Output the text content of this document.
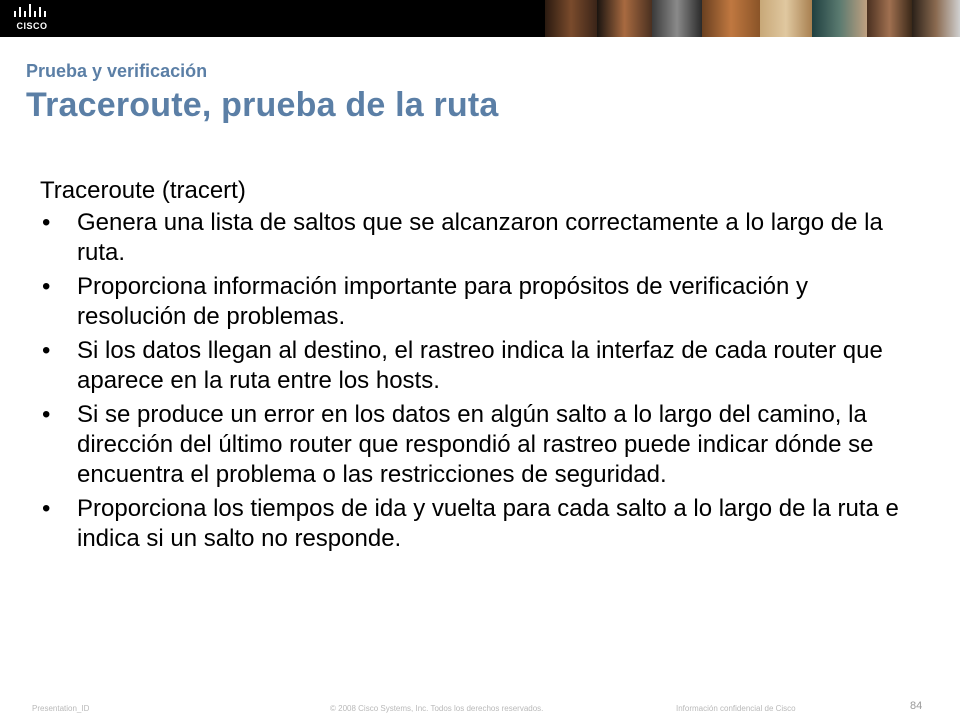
CISCO
Prueba y verificación
Traceroute, prueba de la ruta
Traceroute (tracert)
• Genera una lista de saltos que se alcanzaron correctamente a lo largo de la ruta.
• Proporciona información importante para propósitos de verificación y resolución de problemas.
• Si los datos llegan al destino, el rastreo indica la interfaz de cada router que aparece en la ruta entre los hosts.
• Si se produce un error en los datos en algún salto a lo largo del camino, la dirección del último router que respondió al rastreo puede indicar dónde se encuentra el problema o las restricciones de seguridad.
• Proporciona los tiempos de ida y vuelta para cada salto a lo largo de la ruta e indica si un salto no responde.
Presentation_ID	© 2008 Cisco Systems, Inc. Todos los derechos reservados.	Información confidencial de Cisco	84
